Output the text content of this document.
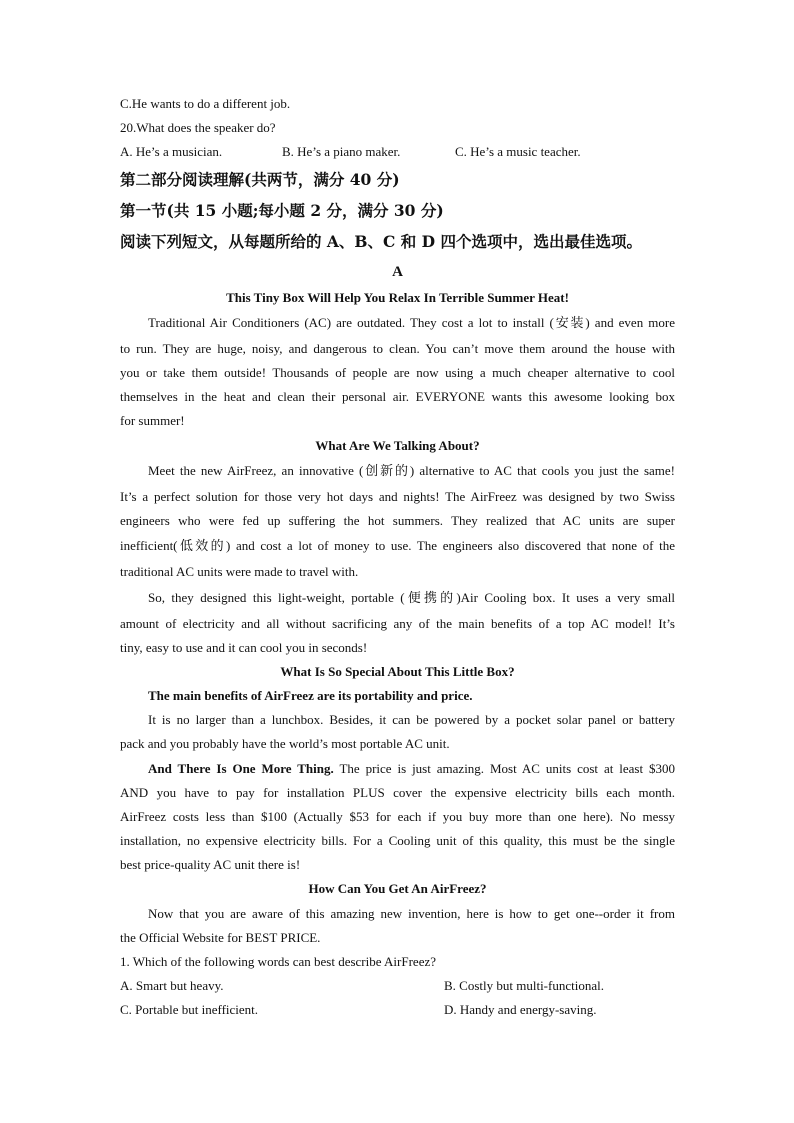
C.He wants to do a different job.
20.What does the speaker do?
A. He’s a musician.	B. He’s a piano maker.	C. He’s a music teacher.
第二部分阅读理解(共两节，满分 40 分)
第一节(共 15 小题;每小题 2 分，满分 30 分)
阅读下列短文，从每题所给的 A、B、C 和 D 四个选项中，选出最佳选项。
A
This Tiny Box Will Help You Relax In Terrible Summer Heat!
Traditional Air Conditioners (AC) are outdated. They cost a lot to install (安装) and even more
to run. They are huge, noisy, and dangerous to clean. You can’t move them around the house with
you or take them outside! Thousands of people are now using a much cheaper alternative to cool
themselves in the heat and clean their personal air. EVERYONE wants this awesome looking box
for summer!
What Are We Talking About?
Meet the new AirFreez, an innovative (创新的) alternative to AC that cools you just the same!
It’s a perfect solution for those very hot days and nights! The AirFreez was designed by two Swiss
engineers who were fed up suffering the hot summers. They realized that AC units are super
inefficient(低效的) and cost a lot of money to use. The engineers also discovered that none of the
traditional AC units were made to travel with.
So, they designed this light-weight, portable (便携的)Air Cooling box. It uses a very small
amount of electricity and all without sacrificing any of the main benefits of a top AC model! It’s
tiny, easy to use and it can cool you in seconds!
What Is So Special About This Little Box?
The main benefits of AirFreez are its portability and price.
It is no larger than a lunchbox. Besides, it can be powered by a pocket solar panel or battery
pack and you probably have the world’s most portable AC unit.
And There Is One More Thing. The price is just amazing. Most AC units cost at least $300
AND you have to pay for installation PLUS cover the expensive electricity bills each month.
AirFreez costs less than $100 (Actually $53 for each if you buy more than one here). No messy
installation, no expensive electricity bills. For a Cooling unit of this quality, this must be the single
best price-quality AC unit there is!
How Can You Get An AirFreez?
Now that you are aware of this amazing new invention, here is how to get one--order it from
the Official Website for BEST PRICE.
1. Which of the following words can best describe AirFreez?
A. Smart but heavy.	B. Costly but multi-functional.
C. Portable but inefficient.	D. Handy and energy-saving.
